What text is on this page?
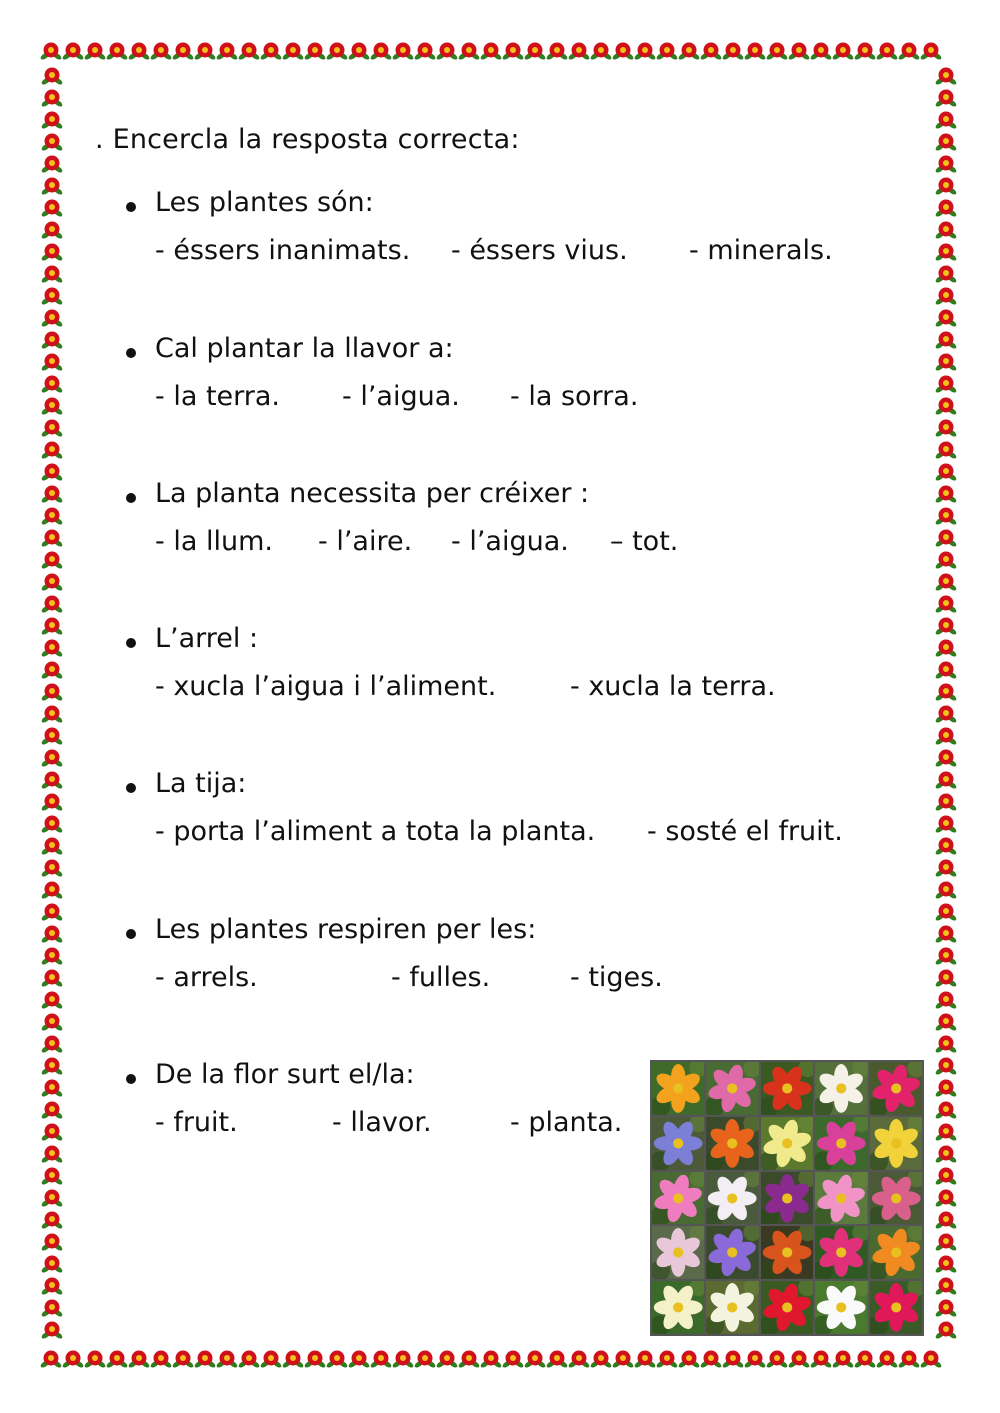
. Encercla la resposta correcta:
Les plantes són:
- éssers inanimats. - éssers vius. - minerals.
Cal plantar la llavor a:
- la terra. - l’aigua. - la sorra.
La planta necessita per créixer :
- la llum. - l’aire. - l’aigua. – tot.
L’arrel :
- xucla l’aigua i l’aliment.	- xucla la terra.
La tija:
- porta l’aliment a tota la planta. - sosté el fruit.
Les plantes respiren per les:
- arrels.	- fulles.	- tiges.
De la flor surt el/la:
- fruit.	- llavor.	- planta.
